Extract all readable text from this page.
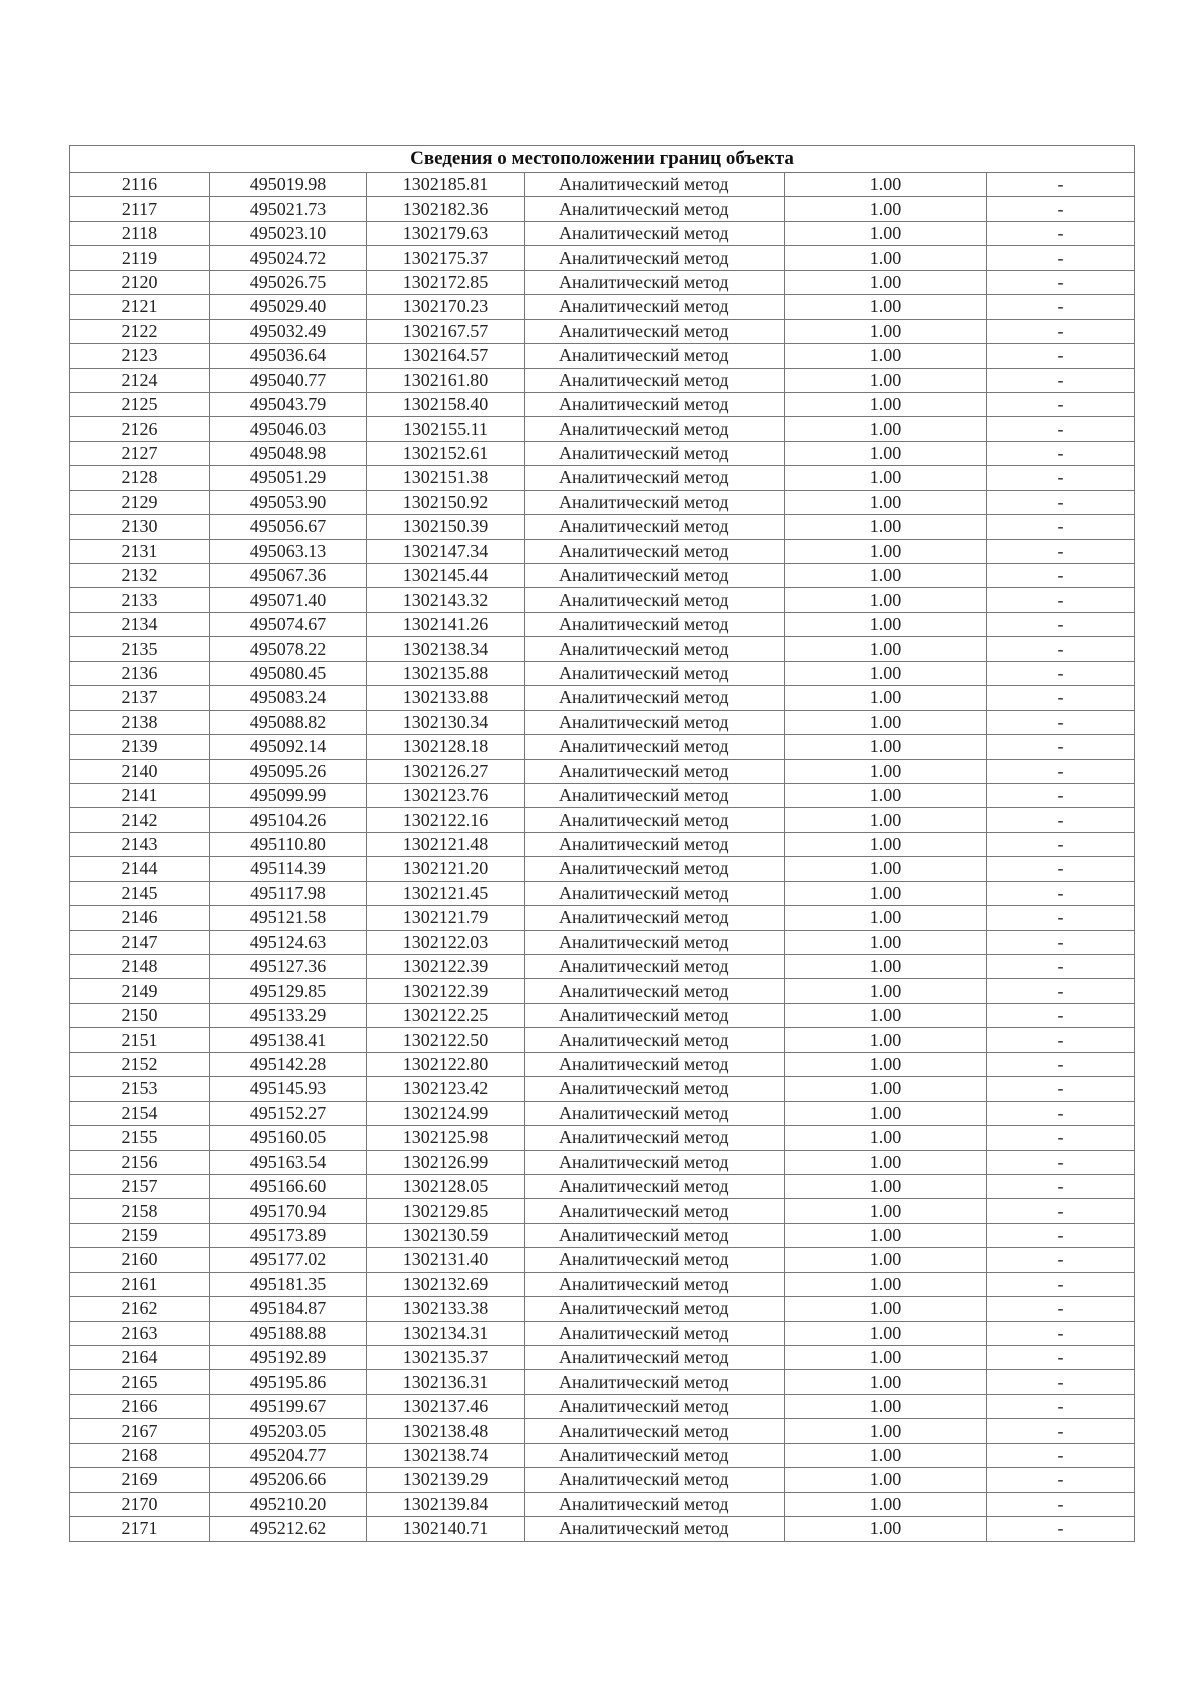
Сведения о местоположении границ объекта					
2116	495019.98	1302185.81	Аналитический метод	1.00	-
2117	495021.73	1302182.36	Аналитический метод	1.00	-
2118	495023.10	1302179.63	Аналитический метод	1.00	-
2119	495024.72	1302175.37	Аналитический метод	1.00	-
2120	495026.75	1302172.85	Аналитический метод	1.00	-
2121	495029.40	1302170.23	Аналитический метод	1.00	-
2122	495032.49	1302167.57	Аналитический метод	1.00	-
2123	495036.64	1302164.57	Аналитический метод	1.00	-
2124	495040.77	1302161.80	Аналитический метод	1.00	-
2125	495043.79	1302158.40	Аналитический метод	1.00	-
2126	495046.03	1302155.11	Аналитический метод	1.00	-
2127	495048.98	1302152.61	Аналитический метод	1.00	-
2128	495051.29	1302151.38	Аналитический метод	1.00	-
2129	495053.90	1302150.92	Аналитический метод	1.00	-
2130	495056.67	1302150.39	Аналитический метод	1.00	-
2131	495063.13	1302147.34	Аналитический метод	1.00	-
2132	495067.36	1302145.44	Аналитический метод	1.00	-
2133	495071.40	1302143.32	Аналитический метод	1.00	-
2134	495074.67	1302141.26	Аналитический метод	1.00	-
2135	495078.22	1302138.34	Аналитический метод	1.00	-
2136	495080.45	1302135.88	Аналитический метод	1.00	-
2137	495083.24	1302133.88	Аналитический метод	1.00	-
2138	495088.82	1302130.34	Аналитический метод	1.00	-
2139	495092.14	1302128.18	Аналитический метод	1.00	-
2140	495095.26	1302126.27	Аналитический метод	1.00	-
2141	495099.99	1302123.76	Аналитический метод	1.00	-
2142	495104.26	1302122.16	Аналитический метод	1.00	-
2143	495110.80	1302121.48	Аналитический метод	1.00	-
2144	495114.39	1302121.20	Аналитический метод	1.00	-
2145	495117.98	1302121.45	Аналитический метод	1.00	-
2146	495121.58	1302121.79	Аналитический метод	1.00	-
2147	495124.63	1302122.03	Аналитический метод	1.00	-
2148	495127.36	1302122.39	Аналитический метод	1.00	-
2149	495129.85	1302122.39	Аналитический метод	1.00	-
2150	495133.29	1302122.25	Аналитический метод	1.00	-
2151	495138.41	1302122.50	Аналитический метод	1.00	-
2152	495142.28	1302122.80	Аналитический метод	1.00	-
2153	495145.93	1302123.42	Аналитический метод	1.00	-
2154	495152.27	1302124.99	Аналитический метод	1.00	-
2155	495160.05	1302125.98	Аналитический метод	1.00	-
2156	495163.54	1302126.99	Аналитический метод	1.00	-
2157	495166.60	1302128.05	Аналитический метод	1.00	-
2158	495170.94	1302129.85	Аналитический метод	1.00	-
2159	495173.89	1302130.59	Аналитический метод	1.00	-
2160	495177.02	1302131.40	Аналитический метод	1.00	-
2161	495181.35	1302132.69	Аналитический метод	1.00	-
2162	495184.87	1302133.38	Аналитический метод	1.00	-
2163	495188.88	1302134.31	Аналитический метод	1.00	-
2164	495192.89	1302135.37	Аналитический метод	1.00	-
2165	495195.86	1302136.31	Аналитический метод	1.00	-
2166	495199.67	1302137.46	Аналитический метод	1.00	-
2167	495203.05	1302138.48	Аналитический метод	1.00	-
2168	495204.77	1302138.74	Аналитический метод	1.00	-
2169	495206.66	1302139.29	Аналитический метод	1.00	-
2170	495210.20	1302139.84	Аналитический метод	1.00	-
2171	495212.62	1302140.71	Аналитический метод	1.00	-
